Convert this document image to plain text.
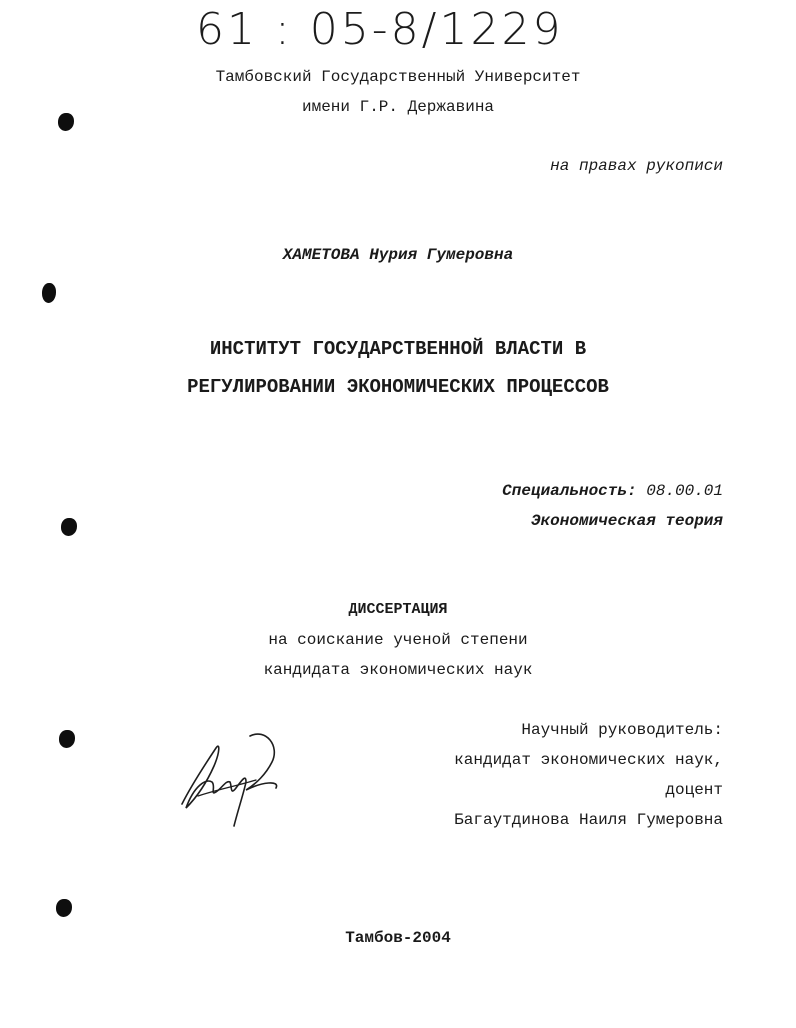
61 : 05-8/1229
Тамбовский Государственный Университет
имени Г.Р. Державина
на правах рукописи
ХАМЕТОВА Нурия Гумеровна
ИНСТИТУТ ГОСУДАРСТВЕННОЙ ВЛАСТИ В
РЕГУЛИРОВАНИИ ЭКОНОМИЧЕСКИХ ПРОЦЕССОВ
Специальность: 08.00.01
Экономическая теория
ДИССЕРТАЦИЯ
на соискание ученой степени
кандидата экономических наук
Научный руководитель:
кандидат экономических наук,
доцент
Багаутдинова Наиля Гумеровна
Тамбов-2004
